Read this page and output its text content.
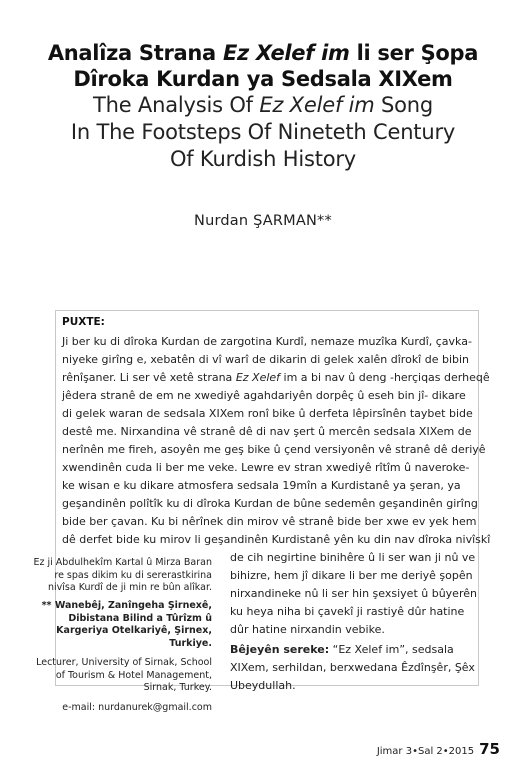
Analîza Strana Ez Xelef im li ser Şopa

Dîroka Kurdan ya Sedsala XIXem

The Analysis Of Ez Xelef im Song

In The Footsteps Of Nineteth Century

Of Kurdish History

Nurdan ŞARMAN**
PUXTE:
Ji ber ku di dîroka Kurdan de zargotina Kurdî, nemaze muzîka Kurdî, çavka-
niyeke girîng e, xebatên di vî warî de dikarin di gelek xalên dîrokî de bibin
rênîşaner. Li ser vê xetê strana Ez Xelef im a bi nav û deng -herçiqas derheqê
jêdera stranê de em ne xwediyê agahdariyên dorpêç û eseh bin jî- dikare
di gelek waran de sedsala XIXem ronî bike û derfeta lêpirsînên taybet bide
destê me. Nirxandina vê stranê dê di nav şert û mercên sedsala XIXem de
nerînên me fireh, asoyên me geş bike û çend versiyonên vê stranê dê deriyê
xwendinên cuda li ber me veke. Lewre ev stran xwediyê rîtîm û naveroke-
ke wisan e ku dikare atmosfera sedsala 19mîn a Kurdistanê ya şeran, ya
geşandinên polîtîk ku di dîroka Kurdan de bûne sedemên geşandinên girîng
bide ber çavan. Ku bi nêrînek din mirov vê stranê bide ber xwe ev yek hem
dê derfet bide ku mirov li geşandinên Kurdistanê yên ku din nav dîroka nivîskî
de cih negirtine binihêre û li ser wan ji nû ve
bihizre, hem jî dikare li ber me deriyê şopên
nirxandineke nû li ser hin şexsiyet û bûyerên
ku heya niha bi çavekî ji rastiyê dûr hatine
dûr hatine nirxandin vebike.
Bêjeyên sereke: “Ez Xelef im”, sedsala
XIXem, serhildan, berxwedana Êzdînşêr, Şêx
Ubeydullah.
Ez ji Abdulhekîm Kartal û Mirza Baran
re spas dikim ku di sererastkirina
nivîsa Kurdî de ji min re bûn alîkar.
** Wanebêj, Zanîngeha Şirnexê,
Dibistana Bilind a Tûrîzm û
Kargeriya Otelkariyê, Şirnex,
Turkiye.
Lecturer, University of Sirnak, School
of Tourism & Hotel Management,
Sirnak, Turkey.
e-mail: nurdanurek@gmail.com
Jimar 3•Sal 2•2015 75
